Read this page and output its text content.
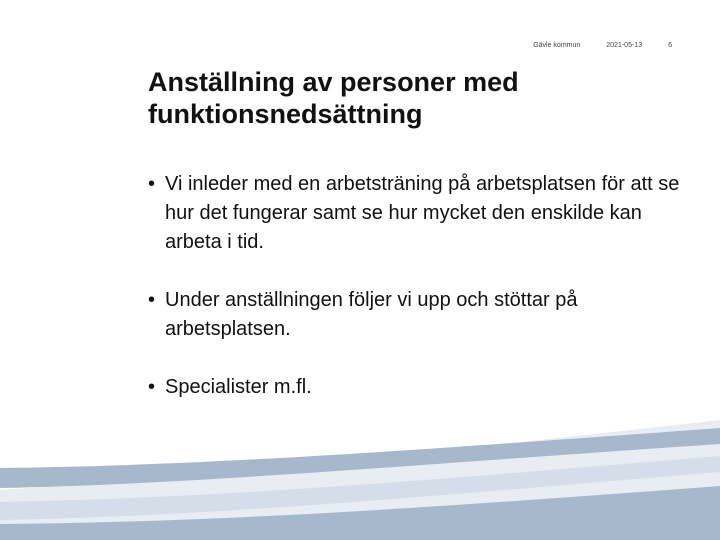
Gävle kommun	2021-05-13	6
Anställning av personer med funktionsnedsättning
• Vi inleder med en arbetsträning på arbetsplatsen för att se hur det fungerar samt se hur mycket den enskilde kan arbeta i tid.
• Under anställningen följer vi upp och stöttar på arbetsplatsen.
• Specialister m.fl.
